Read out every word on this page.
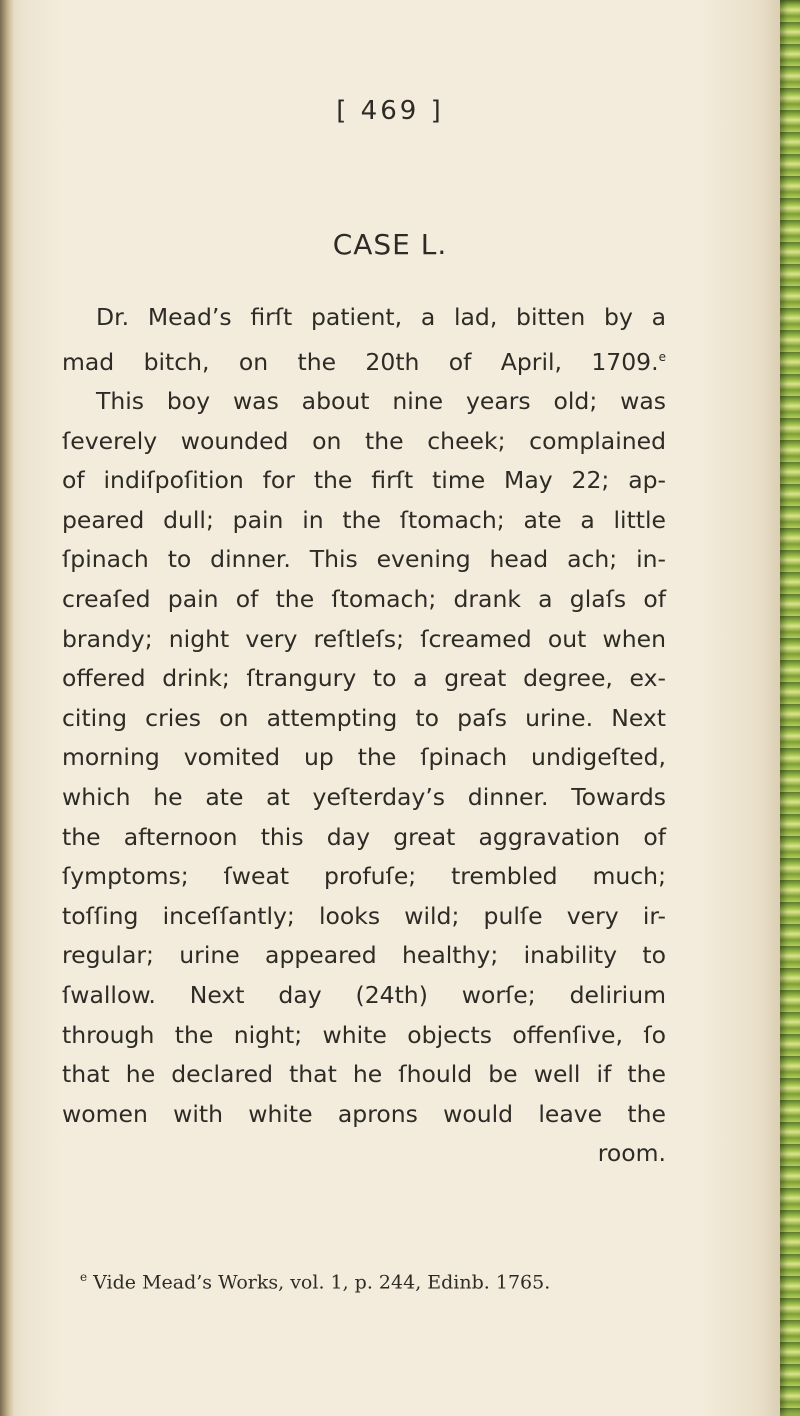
[ 469 ]
CASE L.
Dr. Mead’s firſt patient, a lad, bitten by a
mad bitch, on the 20th of April, 1709.$^e$
This boy was about nine years old; was
ſeverely wounded on the cheek; complained
of indiſpoſition for the firſt time May 22; ap-
peared dull; pain in the ſtomach; ate a little
ſpinach to dinner. This evening head ach; in-
creaſed pain of the ſtomach; drank a glaſs of
brandy; night very reſtleſs; ſcreamed out when
offered drink; ſtrangury to a great degree, ex-
citing cries on attempting to paſs urine. Next
morning vomited up the ſpinach undigeſted,
which he ate at yeſterday’s dinner. Towards
the afternoon this day great aggravation of
ſymptoms; ſweat profuſe; trembled much;
toſſing inceſſantly; looks wild; pulſe very ir-
regular; urine appeared healthy; inability to
ſwallow. Next day (24th) worſe; delirium
through the night; white objects offenſive, ſo
that he declared that he ſhould be well if the
women with white aprons would leave the
room.
$^e$ Vide Mead’s Works, vol. 1, p. 244, Edinb. 1765.
